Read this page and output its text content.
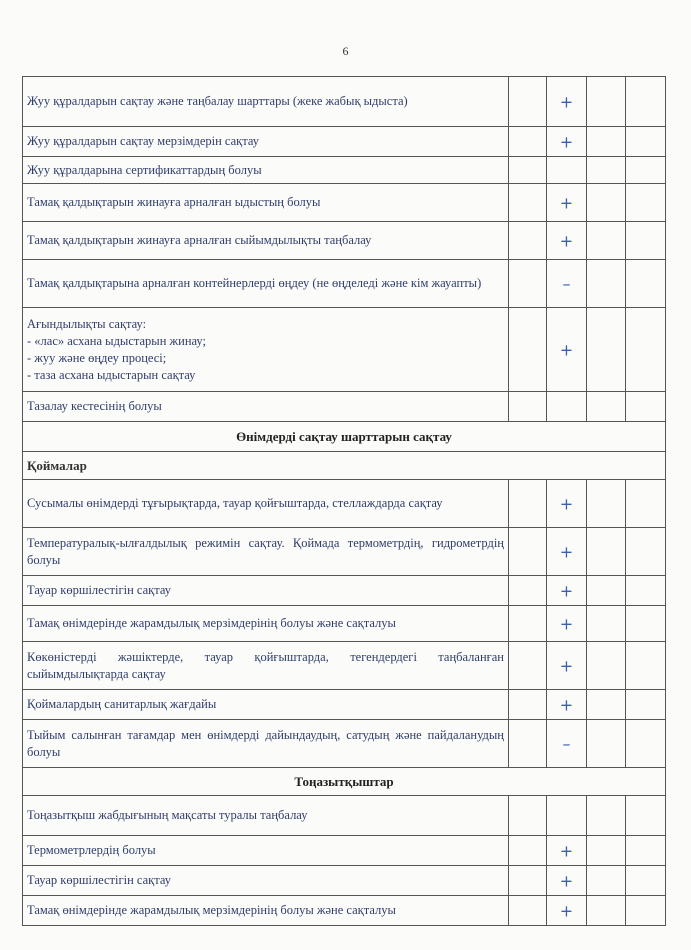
6
Жуу құралдарын сақтау және таңбалау шарттары (жеке жабық ыдыста)	+
Жуу құралдарын сақтау мерзімдерін сақтау	+
Жуу құралдарына сертификаттардың болуы
Тамақ қалдықтарын жинауға арналған ыдыстың болуы	+
Тамақ қалдықтарын жинауға арналған сыйымдылықты таңбалау	+
Тамақ қалдықтарына арналған контейнерлерді өңдеу (не өңделеді және кім жауапты)	–
Ағындылықты сақтау:
- «лас» асхана ыдыстарын жинау;
- жуу және өңдеу процесі;
- таза асхана ыдыстарын сақтау
+
Тазалау кестесінің болуы
Өнімдерді сақтау шарттарын сақтау
Қоймалар
Сусымалы өнімдерді тұғырықтарда, тауар қойғыштарда, стеллаждарда сақтау	+
Температуралық-ылғалдылық режимін сақтау. Қоймада термометрдің, гидрометрдің болуы	+
Тауар көршілестігін сақтау	+
Тамақ өнімдерінде жарамдылық мерзімдерінің болуы және сақталуы	+
Көкөністерді жәшіктерде, тауар қойғыштарда, тегендердегі таңбаланған сыйымдылықтарда сақтау	+
Қоймалардың санитарлық жағдайы	+
Тыйым салынған тағамдар мен өнімдерді дайындаудың, сатудың және пайдаланудың болуы	–
Тоңазытқыштар
Тоңазытқыш жабдығының мақсаты туралы таңбалау
Термометрлердің болуы	+
Тауар көршілестігін сақтау	+
Тамақ өнімдерінде жарамдылық мерзімдерінің болуы және сақталуы	+
